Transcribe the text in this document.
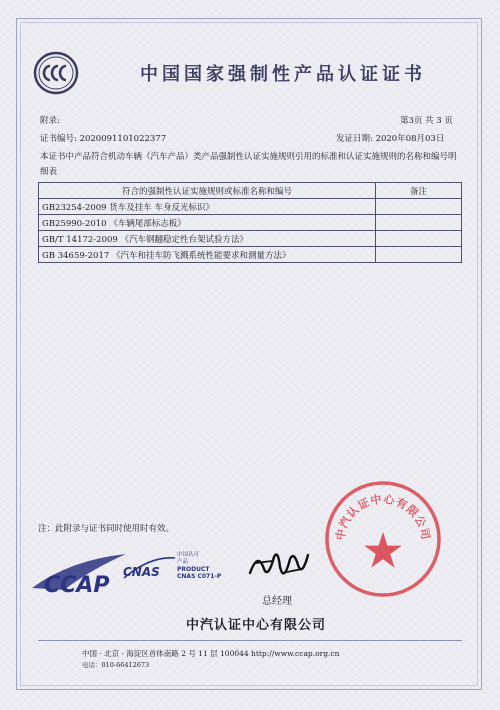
中国国家强制性产品认证证书
附录:	第3页 共 3 页
证书编号: 2020091101022377	发证日期: 2020年08月03日
本证书中产品符合机动车辆（汽车产品）类产品强制性认证实施规则引用的标准和认证实施规则的名称和编号明细表
符合的强制性认证实施规则或标准名称和编号	备注
GB23254-2009 货车及挂车 车身反光标识》	
GB25990-2010 《车辆尾部标志板》	
GB/T 14172-2009 《汽车钢翻稳定性台架试验方法》	
GB 34659-2017 《汽车和挂车防飞溅系统性能要求和测量方法》	
注：此附录与证书同时使用时有效。
CCAP
CNAS
中国认可
产品
PRODUCT
CNAS C071-P
总经理
中汽认证中心有限公司
中汽认证中心有限公司
中国 · 北京 · 海淀区首体南路 2 号 11 层 100044 http://www.ccap.org.cn
电话：010-66412673
